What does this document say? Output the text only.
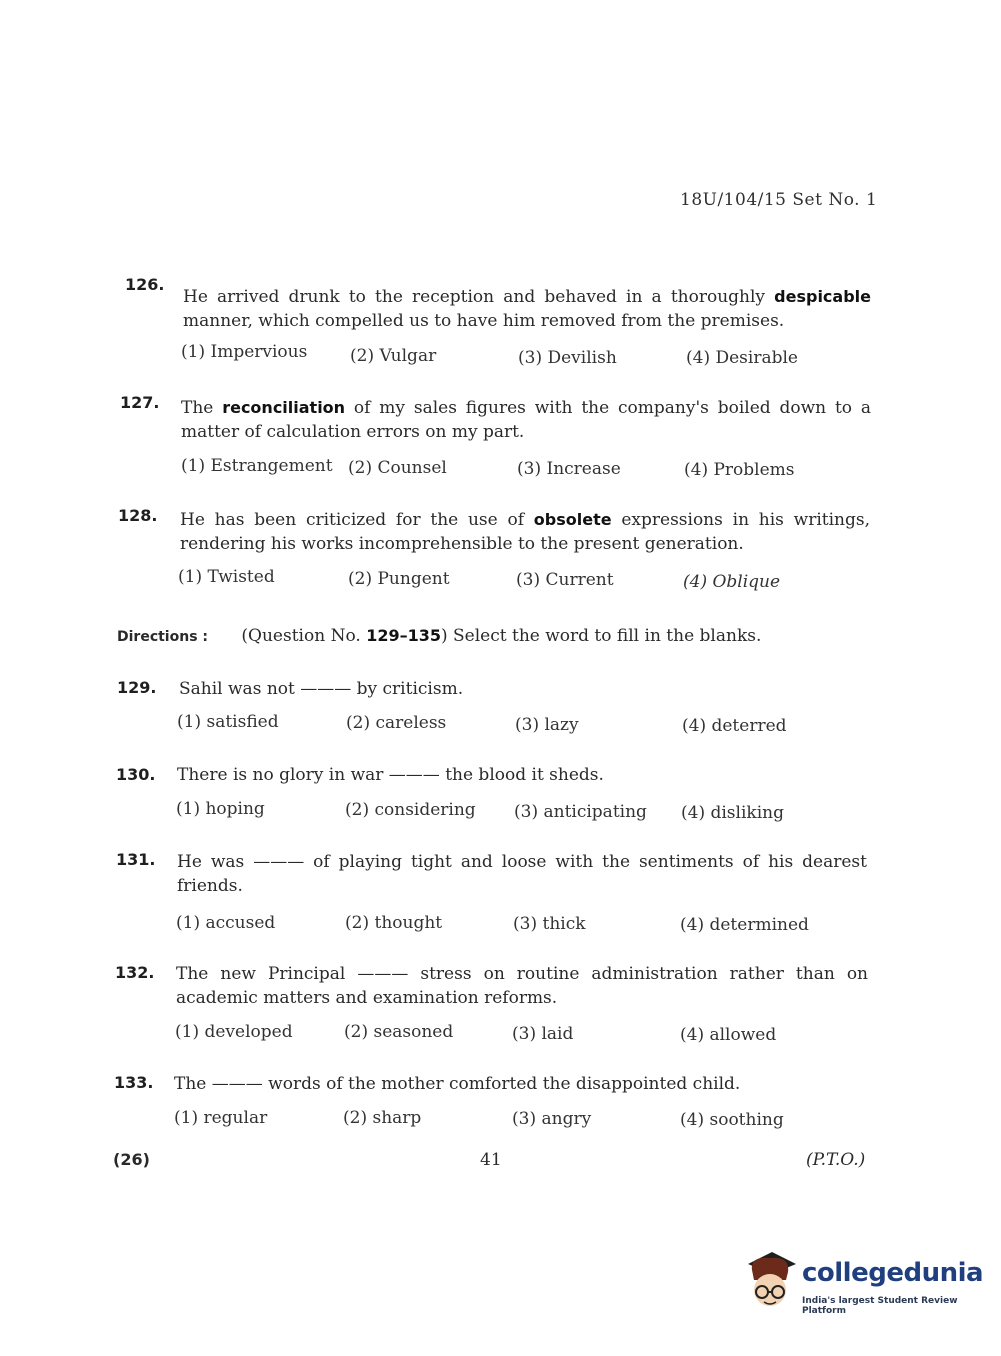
18U/104/15 Set No. 1
126.
He arrived drunk to the reception and behaved in a thoroughly despicable manner, which compelled us to have him removed from the premises.
(1) Impervious	(2) Vulgar	(3) Devilish	(4) Desirable
127. The reconciliation of my sales figures with the company's boiled down to a matter of calculation errors on my part.
(1) Estrangement (2) Counsel	(3) Increase	(4) Problems
128. He has been criticized for the use of obsolete expressions in his writings, rendering his works incomprehensible to the present generation.
(1) Twisted	(2) Pungent	(3) Current	(4) Oblique
Directions : (Question No. 129–135) Select the word to fill in the blanks.
129. Sahil was not ——— by criticism.
(1) satisfied	(2) careless	(3) lazy	(4) deterred
130. There is no glory in war ——— the blood it sheds.
(1) hoping	(2) considering (3) anticipating (4) disliking
131. He was ——— of playing tight and loose with the sentiments of his dearest friends.
(1) accused	(2) thought	(3) thick	(4) determined
132. The new Principal ——— stress on routine administration rather than on academic matters and examination reforms.
(1) developed	(2) seasoned	(3) laid	(4) allowed
133. The ——— words of the mother comforted the disappointed child.
(1) regular	(2) sharp	(3) angry	(4) soothing
(26)	41	(P.T.O.)
collegedunia
India's largest Student Review Platform
